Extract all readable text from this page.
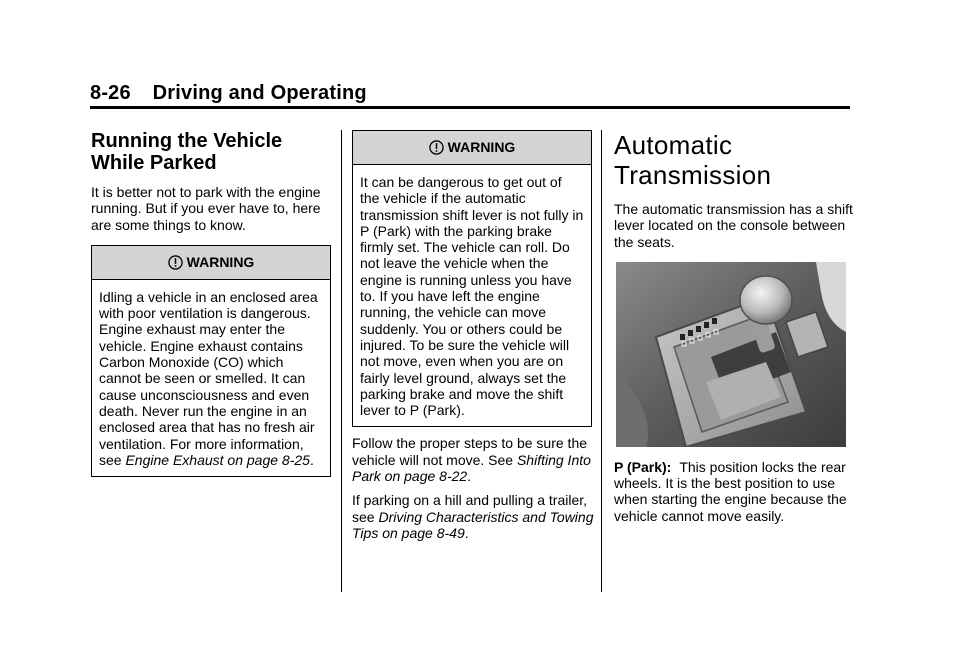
8-26 Driving and Operating
Running the Vehicle While Parked

It is better not to park with the engine running. But if you ever have to, here are some things to know.

WARNING
Idling a vehicle in an enclosed area with poor ventilation is dangerous. Engine exhaust may enter the vehicle. Engine exhaust contains Carbon Monoxide (CO) which cannot be seen or smelled. It can cause unconsciousness and even death. Never run the engine in an enclosed area that has no fresh air ventilation. For more information, see Engine Exhaust on page 8-25.
WARNING
It can be dangerous to get out of the vehicle if the automatic transmission shift lever is not fully in P (Park) with the parking brake firmly set. The vehicle can roll. Do not leave the vehicle when the engine is running unless you have to. If you have left the engine running, the vehicle can move suddenly. You or others could be injured. To be sure the vehicle will not move, even when you are on fairly level ground, always set the parking brake and move the shift lever to P (Park).

Follow the proper steps to be sure the vehicle will not move. See Shifting Into Park on page 8-22.

If parking on a hill and pulling a trailer, see Driving Characteristics and Towing Tips on page 8-49.

Automatic Transmission

The automatic transmission has a shift lever located on the console between the seats.

P (Park): This position locks the rear wheels. It is the best position to use when starting the engine because the vehicle cannot move easily.
